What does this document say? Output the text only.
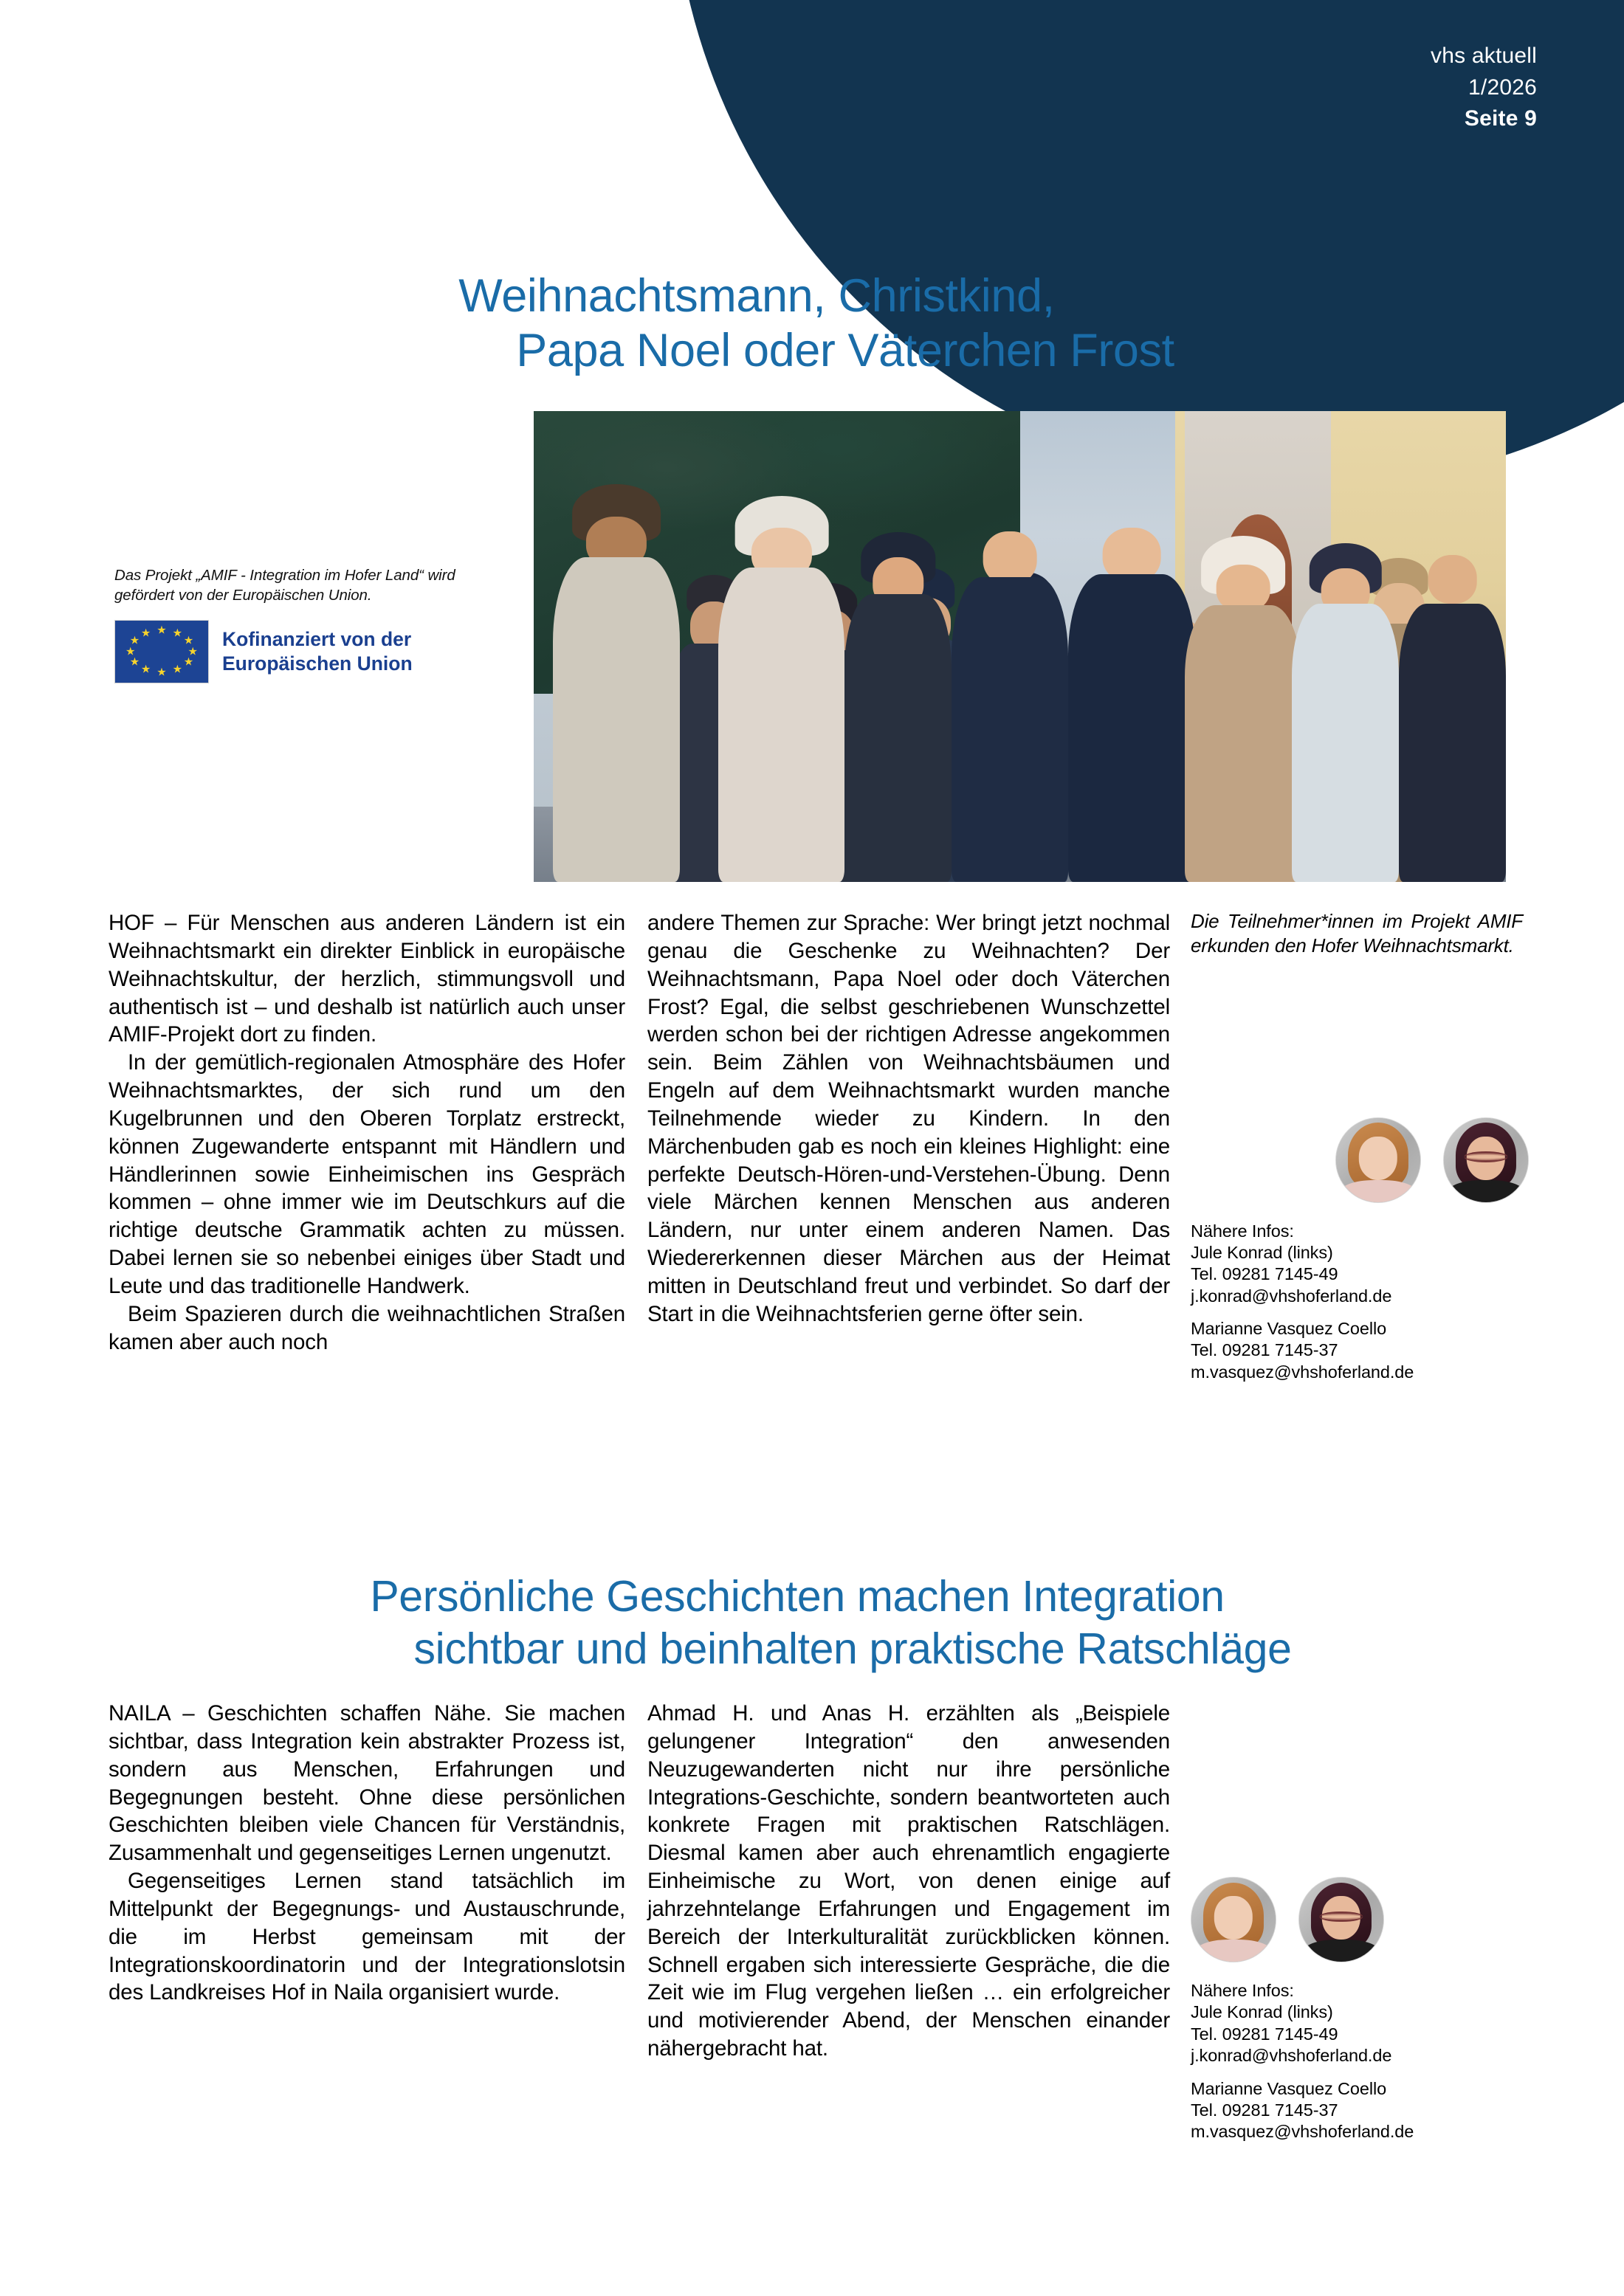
vhs aktuell
1/2026
Seite 9
Weihnachtsmann, Christkind,
Papa Noel oder Väterchen Frost
Das Projekt „AMIF - Integration im Hofer Land“ wird gefördert von der Europäischen Union.
★ ★
★
★
★
★
★
★
★
★
★
★	Kofinanziert von der
Europäischen Union

HOF – Für Menschen aus anderen Ländern ist ein Weihnachtsmarkt ein direkter Einblick in europäische Weihnachtskultur, der herzlich, stimmungsvoll und authentisch ist – und deshalb ist natürlich auch unser AMIF-Projekt dort zu finden.

In der gemütlich-regionalen Atmosphäre des Hofer Weihnachtsmarktes, der sich rund um den Kugelbrunnen und den Oberen Torplatz erstreckt, können Zugewanderte entspannt mit Händlern und Händlerinnen sowie Einheimischen ins Gespräch kommen – ohne immer wie im Deutschkurs auf die richtige deutsche Grammatik achten zu müssen. Dabei lernen sie so nebenbei einiges über Stadt und Leute und das traditionelle Handwerk.

Beim Spazieren durch die weihnachtlichen Straßen kamen aber auch noch

andere Themen zur Sprache: Wer bringt jetzt nochmal genau die Geschenke zu Weihnachten? Der Weihnachtsmann, Papa Noel oder doch Väterchen Frost? Egal, die selbst geschriebenen Wunschzettel werden schon bei der richtigen Adresse angekommen sein. Beim Zählen von Weihnachtsbäumen und Engeln auf dem Weihnachtsmarkt wurden manche Teilnehmende wieder zu Kindern. In den Märchenbuden gab es noch ein kleines Highlight: eine perfekte Deutsch-Hören-und-Verstehen-Übung. Denn viele Märchen kennen Menschen aus anderen Ländern, nur unter einem anderen Namen. Das Wiedererkennen dieser Märchen aus der Heimat mitten in Deutschland freut und verbindet. So darf der Start in die Weihnachtsferien gerne öfter sein.

Die Teilnehmer*innen im Projekt AMIF erkunden den Hofer Weihnachtsmarkt.
Nähere Infos:
Jule Konrad (links)
Tel. 09281 7145-49
j.konrad@vhshoferland.de
Marianne Vasquez Coello
Tel. 09281 7145-37
m.vasquez@vhshoferland.de
Persönliche Geschichten machen Integration
sichtbar und beinhalten praktische Ratschläge

NAILA – Geschichten schaffen Nähe. Sie machen sichtbar, dass Integration kein abstrakter Prozess ist, sondern aus Menschen, Erfahrungen und Begegnungen besteht. Ohne diese persönlichen Geschichten bleiben viele Chancen für Verständnis, Zusammenhalt und gegenseitiges Lernen ungenutzt.

Gegenseitiges Lernen stand tatsächlich im Mittelpunkt der Begegnungs- und Austauschrunde, die im Herbst gemeinsam mit der Integrationskoordinatorin und der Integrationslotsin des Landkreises Hof in Naila organisiert wurde.

Ahmad H. und Anas H. erzählten als „Beispiele gelungener Integration“ den anwesenden Neuzugewanderten nicht nur ihre persönliche Integrations-Geschichte, sondern beantworteten auch konkrete Fragen mit praktischen Ratschlägen. Diesmal kamen aber auch ehrenamtlich engagierte Einheimische zu Wort, von denen einige auf jahrzehntelange Erfahrungen und Engagement im Bereich der Interkulturalität zurückblicken können. Schnell ergaben sich interessierte Gespräche, die die Zeit wie im Flug vergehen ließen … ein erfolgreicher und motivierender Abend, der Menschen einander nähergebracht hat.

Nähere Infos:
Jule Konrad (links)
Tel. 09281 7145-49
j.konrad@vhshoferland.de
Marianne Vasquez Coello
Tel. 09281 7145-37
m.vasquez@vhshoferland.de
